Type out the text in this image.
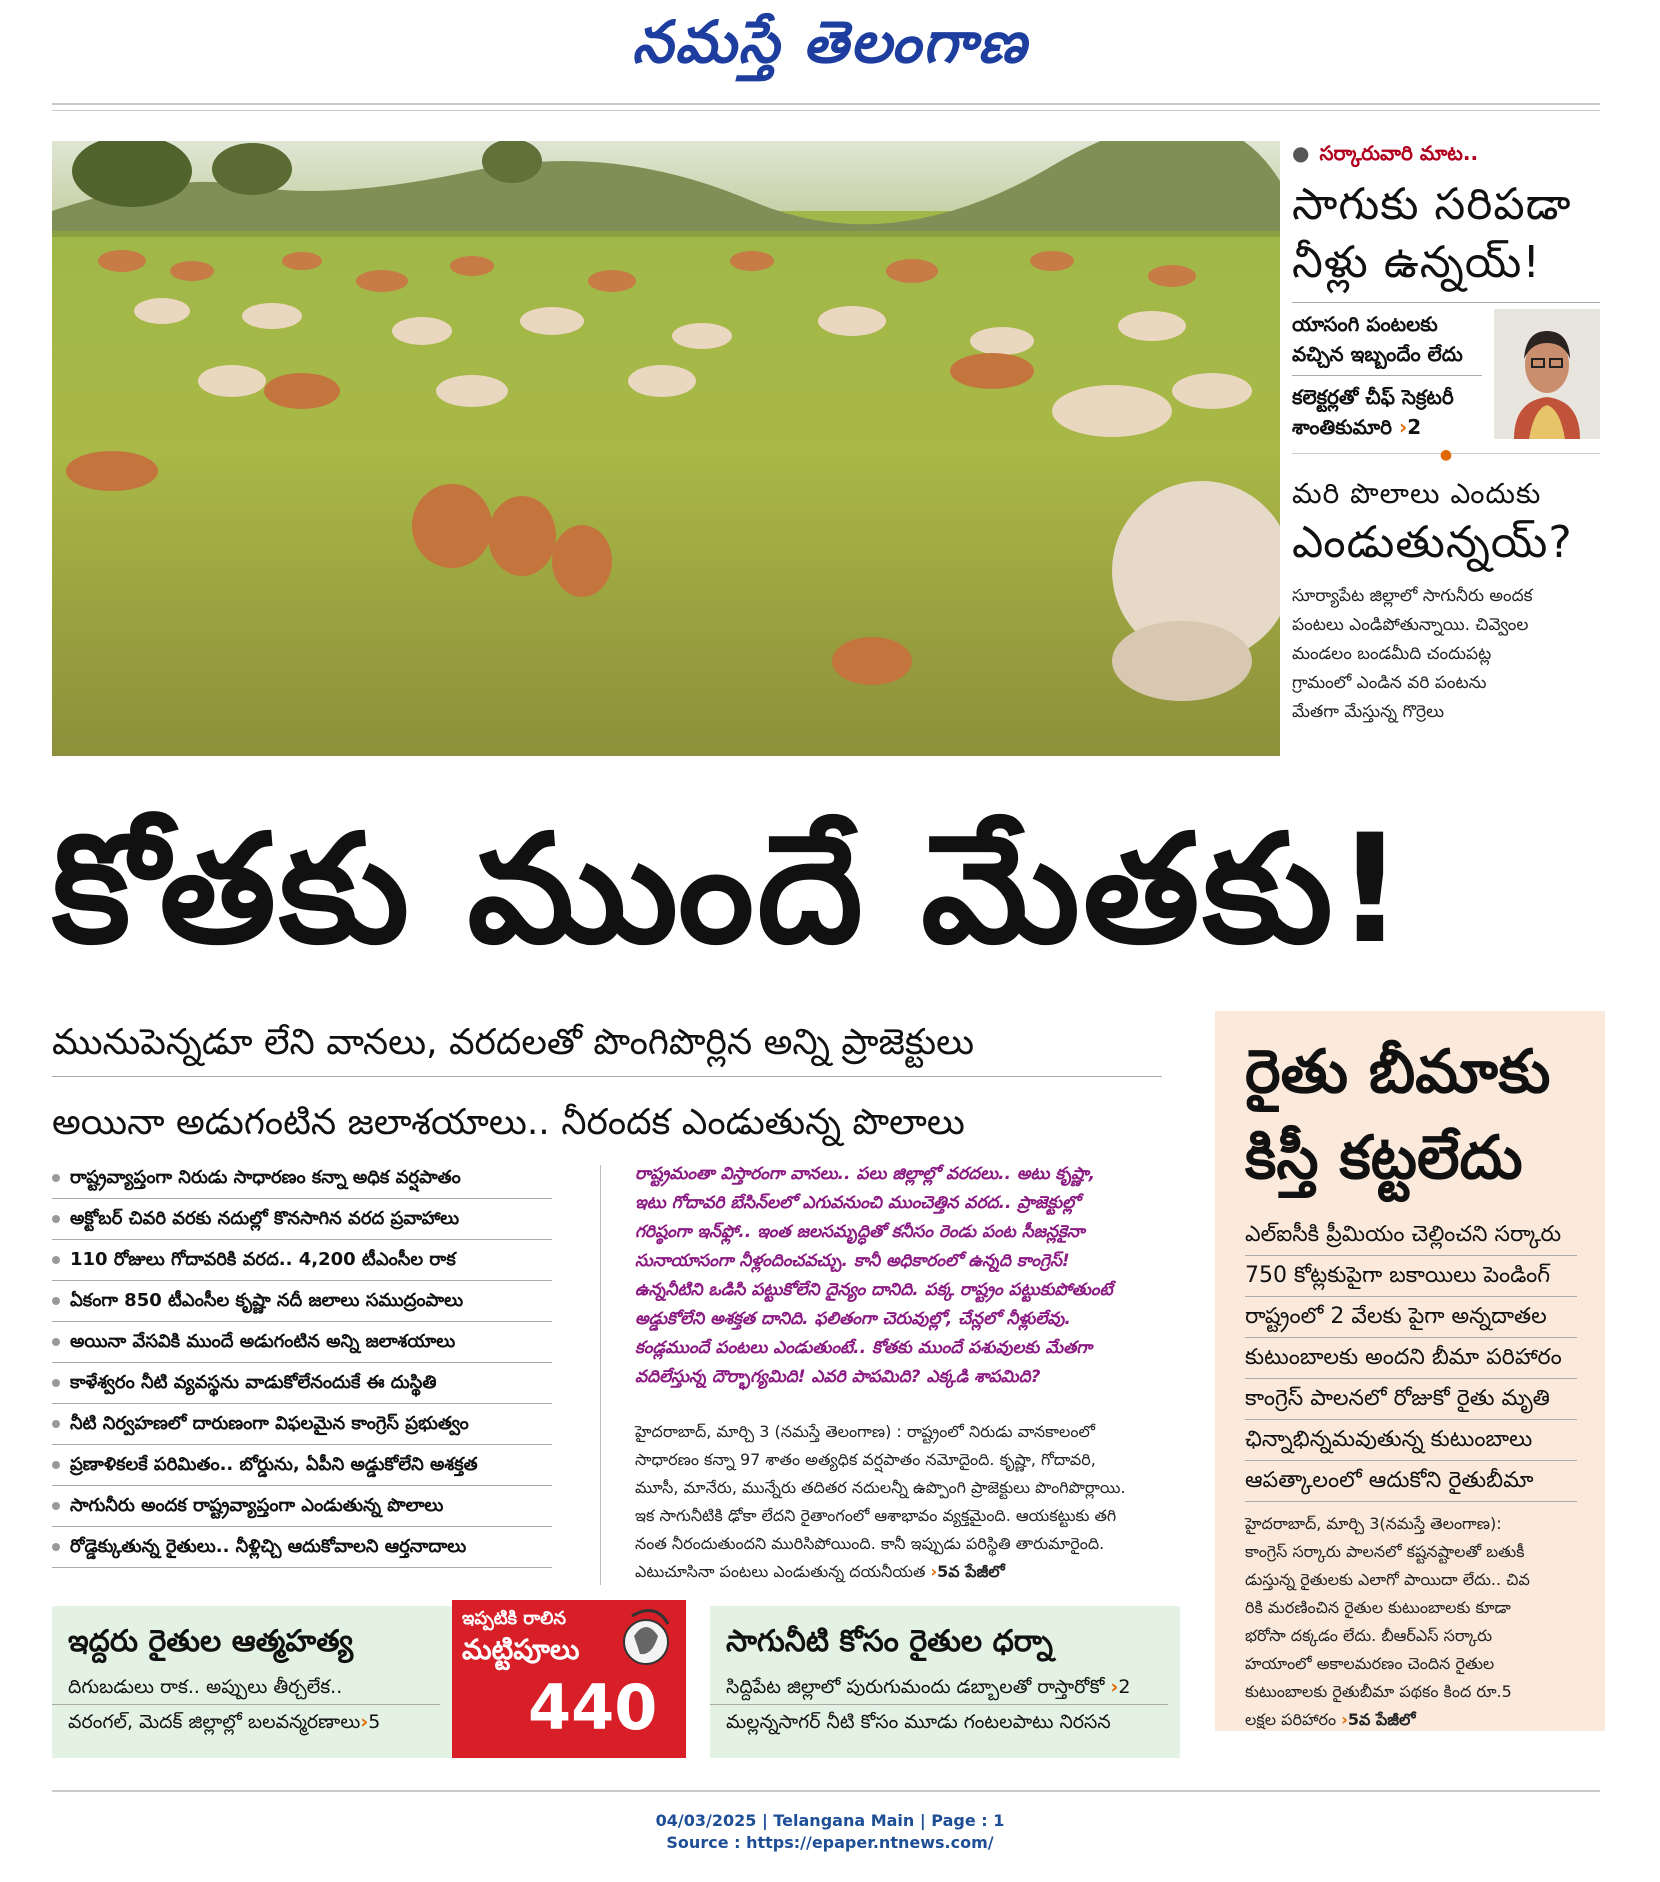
నమస్తే తెలంగాణ
● సర్కారువారి మాట..
సాగుకు సరిపడా
నీళ్లు ఉన్నయ్!
యాసంగి పంటలకు
వచ్చిన ఇబ్బందేం లేదు
కలెక్టర్లతో చీఫ్ సెక్రటరీ
శాంతికుమారి ›2
●
మరి పొలాలు ఎందుకు
ఎండుతున్నయ్?
సూర్యాపేట జిల్లాలో సాగునీరు అందక
పంటలు ఎండిపోతున్నాయి. చివ్వెంల
మండలం బండమీది చందుపట్ల
గ్రామంలో ఎండిన వరి పంటను
మేతగా మేస్తున్న గొర్రెలు
కోతకు ముందే మేతకు!
మునుపెన్నడూ లేని వానలు, వరదలతో పొంగిపొర్లిన అన్ని ప్రాజెక్టులు
అయినా అడుగంటిన జలాశయాలు.. నీరందక ఎండుతున్న పొలాలు
రాష్ట్రవ్యాప్తంగా నిరుడు సాధారణం కన్నా అధిక వర్షపాతం
అక్టోబర్ చివరి వరకు నదుల్లో కొనసాగిన వరద ప్రవాహాలు
110 రోజులు గోదావరికి వరద.. 4,200 టీఎంసీల రాక
ఏకంగా 850 టీఎంసీల కృష్ణా నదీ జలాలు సముద్రంపాలు
అయినా వేసవికి ముందే అడుగంటిన అన్ని జలాశయాలు
కాళేశ్వరం నీటి వ్యవస్థను వాడుకోలేనందుకే ఈ దుస్థితి
నీటి నిర్వహణలో దారుణంగా విఫలమైన కాంగ్రెస్ ప్రభుత్వం
ప్రణాళికలకే పరిమితం.. బోర్డును, ఏపీని అడ్డుకోలేని అశక్తత
సాగునీరు అందక రాష్ట్రవ్యాప్తంగా ఎండుతున్న పొలాలు
రోడ్డెక్కుతున్న రైతులు.. నీళ్లిచ్చి ఆదుకోవాలని ఆర్తనాదాలు
రాష్ట్రమంతా విస్తారంగా వానలు.. పలు జిల్లాల్లో వరదలు.. అటు కృష్ణా,
ఇటు గోదావరి బేసిన్‌లలో ఎగువనుంచి ముంచెత్తిన వరద.. ప్రాజెక్టుల్లో
గరిష్ఠంగా ఇన్‌ఫ్లో.. ఇంత జలసమృద్ధితో కనీసం రెండు పంట సీజన్లకైనా
సునాయాసంగా నీళ్లందించవచ్చు. కానీ అధికారంలో ఉన్నది కాంగ్రెస్!
ఉన్ననీటిని ఒడిసి పట్టుకోలేని దైన్యం దానిది. పక్క రాష్ట్రం పట్టుకుపోతుంటే
అడ్డుకోలేని అశక్తత దానిది. ఫలితంగా చెరువుల్లో, చేన్లలో నీళ్లులేవు.
కండ్లముందే పంటలు ఎండుతుంటే.. కోతకు ముందే పశువులకు మేతగా
వదిలేస్తున్న దౌర్భాగ్యమిది! ఎవరి పాపమిది? ఎక్కడి శాపమిది?
హైదరాబాద్, మార్చి 3 (నమస్తే తెలంగాణ) : రాష్ట్రంలో నిరుడు వానకాలంలో
సాధారణం కన్నా 97 శాతం అత్యధిక వర్షపాతం నమోదైంది. కృష్ణా, గోదావరి,
మూసీ, మానేరు, మున్నేరు తదితర నదులన్నీ ఉప్పొంగి ప్రాజెక్టులు పొంగిపొర్లాయి.
ఇక సాగునీటికి ఢోకా లేదని రైతాంగంలో ఆశాభావం వ్యక్తమైంది. ఆయకట్టుకు తగి
నంత నీరందుతుందని మురిసిపోయింది. కానీ ఇప్పుడు పరిస్థితి తారుమారైంది.
ఎటుచూసినా పంటలు ఎండుతున్న దయనీయత ›5వ పేజీలో
రైతు బీమాకు
కిస్తీ కట్టలేదు
ఎల్ఐసీకి ప్రీమియం చెల్లించని సర్కారు
750 కోట్లకుపైగా బకాయిలు పెండింగ్
రాష్ట్రంలో 2 వేలకు పైగా అన్నదాతల
కుటుంబాలకు అందని బీమా పరిహారం
కాంగ్రెస్ పాలనలో రోజుకో రైతు మృతి
ఛిన్నాభిన్నమవుతున్న కుటుంబాలు
ఆపత్కాలంలో ఆదుకోని రైతుబీమా
హైదరాబాద్, మార్చి 3(నమస్తే తెలంగాణ):
కాంగ్రెస్ సర్కారు పాలనలో కష్టనష్టాలతో బతుకీ
డుస్తున్న రైతులకు ఎలాగో పాయిదా లేదు.. చివ
రికి మరణించిన రైతుల కుటుంబాలకు కూడా
భరోసా దక్కడం లేదు. బీఆర్‌ఎస్ సర్కారు
హయాంలో అకాలమరణం చెందిన రైతుల
కుటుంబాలకు రైతుబీమా పథకం కింద రూ.5
లక్షల పరిహారం ›5వ పేజీలో
ఇద్దరు రైతుల ఆత్మహత్య
దిగుబడులు రాక.. అప్పులు తీర్చలేక..
వరంగల్, మెదక్ జిల్లాల్లో బలవన్మరణాలు›5
ఇప్పటికి రాలిన
మట్టిపూలు
440
సాగునీటి కోసం రైతుల ధర్నా
సిద్దిపేట జిల్లాలో పురుగుమందు డబ్బాలతో రాస్తారోకో ›2
మల్లన్నసాగర్ నీటి కోసం మూడు గంటలపాటు నిరసన
04/03/2025 | Telangana Main | Page : 1
Source : https://epaper.ntnews.com/
